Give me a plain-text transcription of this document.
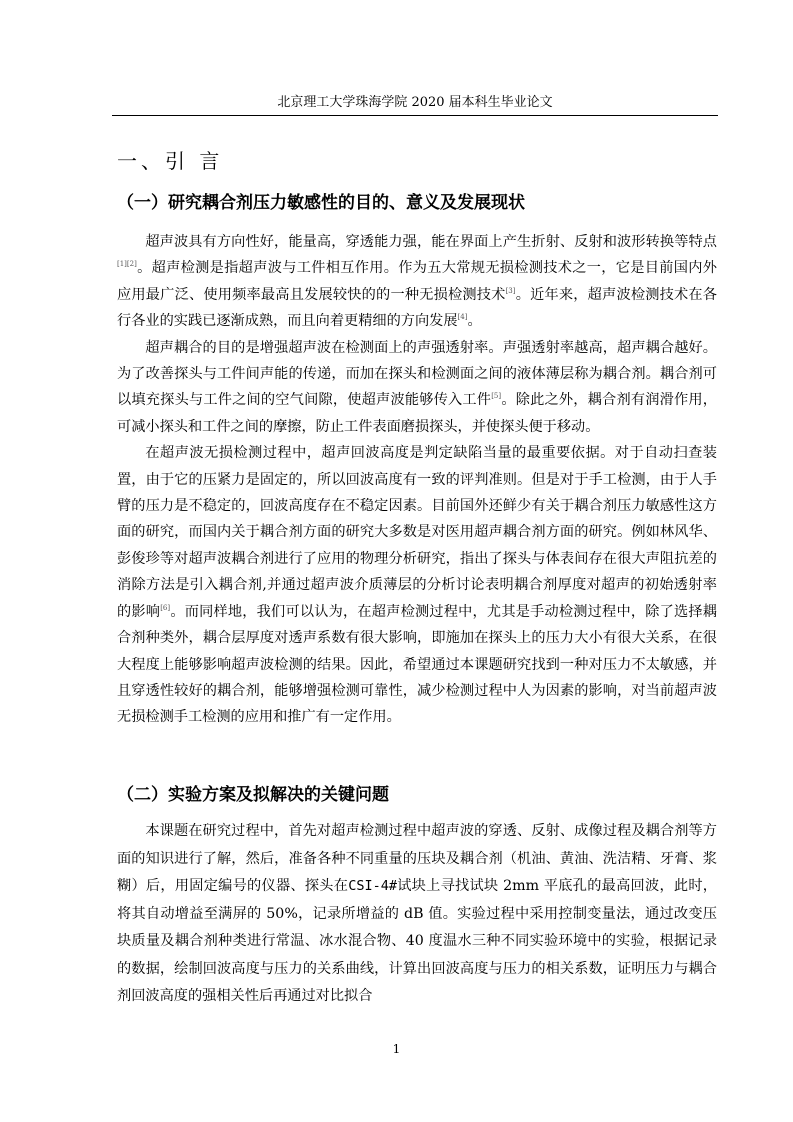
北京理工大学珠海学院 2020 届本科生毕业论文
一、引 言
（一）研究耦合剂压力敏感性的目的、意义及发展现状

超声波具有方向性好，能量高，穿透能力强，能在界面上产生折射、反射和波形转换等特点[1][2]。超声检测是指超声波与工件相互作用。作为五大常规无损检测技术之一，它是目前国内外应用最广泛、使用频率最高且发展较快的的一种无损检测技术[3]。近年来，超声波检测技术在各行各业的实践已逐渐成熟，而且向着更精细的方向发展[4]。

超声耦合的目的是增强超声波在检测面上的声强透射率。声强透射率越高，超声耦合越好。为了改善探头与工件间声能的传递，而加在探头和检测面之间的液体薄层称为耦合剂。耦合剂可以填充探头与工件之间的空气间隙，使超声波能够传入工件[5]。除此之外，耦合剂有润滑作用，可减小探头和工件之间的摩擦，防止工件表面磨损探头，并使探头便于移动。

在超声波无损检测过程中，超声回波高度是判定缺陷当量的最重要依据。对于自动扫查装置，由于它的压紧力是固定的，所以回波高度有一致的评判准则。但是对于手工检测，由于人手臂的压力是不稳定的，回波高度存在不稳定因素。目前国外还鲜少有关于耦合剂压力敏感性这方面的研究，而国内关于耦合剂方面的研究大多数是对医用超声耦合剂方面的研究。例如林风华、彭俊珍等对超声波耦合剂进行了应用的物理分析研究，指出了探头与体表间存在很大声阻抗差的消除方法是引入耦合剂,并通过超声波介质薄层的分析讨论表明耦合剂厚度对超声的初始透射率的影响[6]。而同样地，我们可以认为，在超声检测过程中，尤其是手动检测过程中，除了选择耦合剂种类外，耦合层厚度对透声系数有很大影响，即施加在探头上的压力大小有很大关系，在很大程度上能够影响超声波检测的结果。因此，希望通过本课题研究找到一种对压力不太敏感，并且穿透性较好的耦合剂，能够增强检测可靠性，减少检测过程中人为因素的影响，对当前超声波无损检测手工检测的应用和推广有一定作用。

（二）实验方案及拟解决的关键问题

本课题在研究过程中，首先对超声检测过程中超声波的穿透、反射、成像过程及耦合剂等方面的知识进行了解，然后，准备各种不同重量的压块及耦合剂（机油、黄油、洗洁精、牙膏、浆糊）后，用固定编号的仪器、探头在CSI-4#试块上寻找试块 2mm 平底孔的最高回波，此时，将其自动增益至满屏的 50%，记录所增益的 dB 值。实验过程中采用控制变量法，通过改变压块质量及耦合剂种类进行常温、冰水混合物、40 度温水三种不同实验环境中的实验，根据记录的数据，绘制回波高度与压力的关系曲线，计算出回波高度与压力的相关系数，证明压力与耦合剂回波高度的强相关性后再通过对比拟合

1
